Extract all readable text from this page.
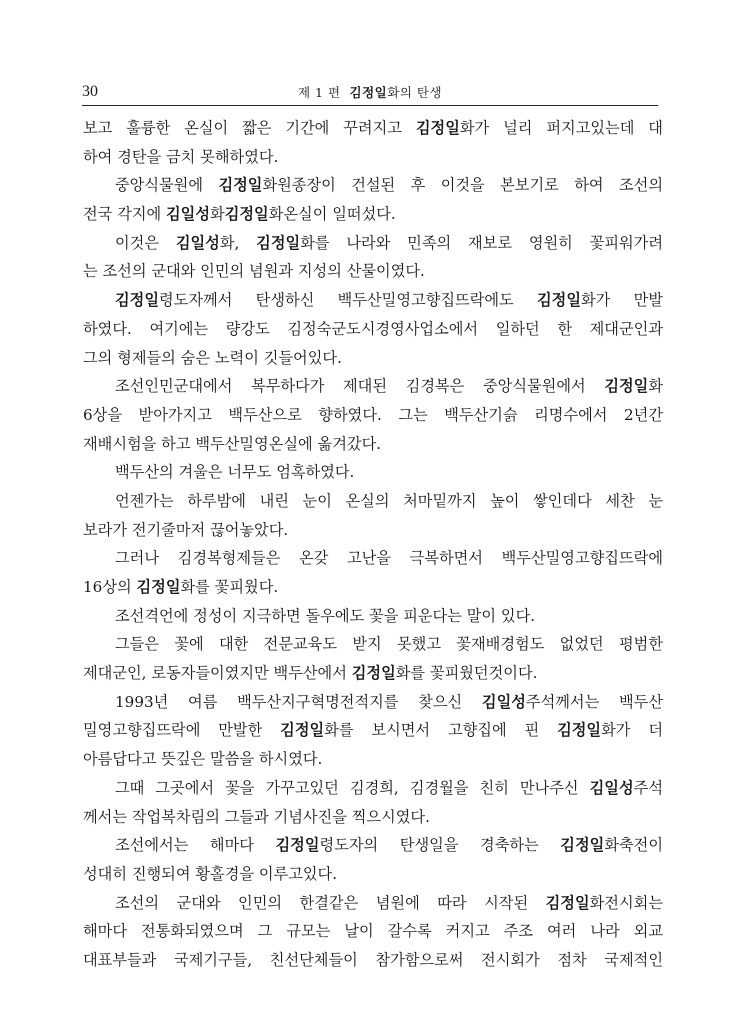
30	제 1 편 김정일화의 탄생
보고 훌륭한 온실이 짧은 기간에 꾸려지고 김정일화가 널리 퍼지고있는데 대
하여 경탄을 금치 못해하였다.
중앙식물원에 김정일화원종장이 건설된 후 이것을 본보기로 하여 조선의
전국 각지에 김일성화김정일화온실이 일떠섰다.
이것은 김일성화, 김정일화를 나라와 민족의 재보로 영원히 꽃피워가려
는 조선의 군대와 인민의 념원과 지성의 산물이였다.
김정일령도자께서 탄생하신 백두산밀영고향집뜨락에도 김정일화가 만발
하였다. 여기에는 량강도 김정숙군도시경영사업소에서 일하던 한 제대군인과
그의 형제들의 숨은 노력이 깃들어있다.
조선인민군대에서 복무하다가 제대된 김경복은 중앙식물원에서 김정일화
6상을 받아가지고 백두산으로 향하였다. 그는 백두산기슭 리명수에서 2년간
재배시험을 하고 백두산밀영온실에 옮겨갔다.
백두산의 겨울은 너무도 엄혹하였다.
언젠가는 하루밤에 내린 눈이 온실의 처마밑까지 높이 쌓인데다 세찬 눈
보라가 전기줄마저 끊어놓았다.
그러나 김경복형제들은 온갖 고난을 극복하면서 백두산밀영고향집뜨락에
16상의 김정일화를 꽃피웠다.
조선격언에 정성이 지극하면 돌우에도 꽃을 피운다는 말이 있다.
그들은 꽃에 대한 전문교육도 받지 못했고 꽃재배경험도 없었던 평범한
제대군인, 로동자들이였지만 백두산에서 김정일화를 꽃피웠던것이다.
1993년 여름 백두산지구혁명전적지를 찾으신 김일성주석께서는 백두산
밀영고향집뜨락에 만발한 김정일화를 보시면서 고향집에 핀 김정일화가 더
아름답다고 뜻깊은 말씀을 하시였다.
그때 그곳에서 꽃을 가꾸고있던 김경희, 김경월을 친히 만나주신 김일성주석
께서는 작업복차림의 그들과 기념사진을 찍으시였다.
조선에서는 해마다 김정일령도자의 탄생일을 경축하는 김정일화축전이
성대히 진행되여 황홀경을 이루고있다.
조선의 군대와 인민의 한결같은 념원에 따라 시작된 김정일화전시회는
해마다 전통화되였으며 그 규모는 날이 갈수록 커지고 주조 여러 나라 외교
대표부들과 국제기구들, 친선단체들이 참가함으로써 전시회가 점차 국제적인
